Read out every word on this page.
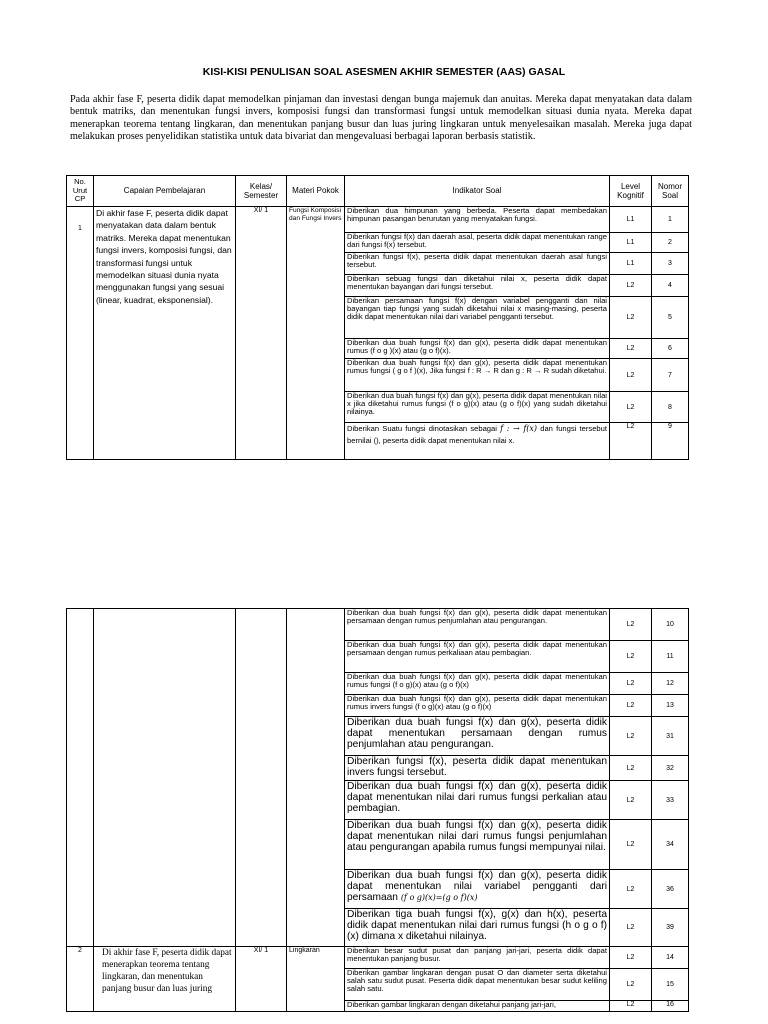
KISI-KISI PENULISAN SOAL ASESMEN AKHIR SEMESTER (AAS) GASAL
Pada akhir fase F, peserta didik dapat memodelkan pinjaman dan investasi dengan bunga majemuk dan anuitas. Mereka dapat menyatakan data dalam bentuk matriks, dan menentukan fungsi invers, komposisi fungsi dan transformasi fungsi untuk memodelkan situasi dunia nyata. Mereka dapat menerapkan teorema tentang lingkaran, dan menentukan panjang busur dan luas juring lingkaran untuk menyelesaikan masalah. Mereka juga dapat melakukan proses penyelidikan statistika untuk data bivariat dan mengevaluasi berbagai laporan berbasis statistik.
No. Urut CP	Capaian Pembelajaran	Kelas/ Semester	Materi Pokok	Indikator Soal	Level Kognitif	Nomor Soal

1	Di akhir fase F, peserta didik dapat menyatakan data dalam bentuk matriks. Mereka dapat menentukan fungsi invers, komposisi fungsi, dan transformasi fungsi untuk memodelkan situasi dunia nyata menggunakan fungsi yang sesuai (linear, kuadrat, eksponensial).	XI/ 1	Fungsi Komposisi dan Fungsi Invers	Diberikan dua himpunan yang berbeda. Peserta dapat membedakan himpunan pasangan berurutan yang menyatakan fungsi.	L1	1
				Diberikan fungsi f(x) dan daerah asal, peserta didik dapat menentukan range dari fungsi f(x) tersebut.	L1	2
				Diberikan fungsi f(x), peserta didik dapat menentukan daerah asal fungsi tersebut.	L1	3
				Diberikan sebuag fungsi dan diketahui nilai x, peserta didik dapat menentukan bayangan dari fungsi tersebut.	L2	4
				Diberikan persamaan fungsi f(x) dengan variabel pengganti dan nilai bayangan tiap fungsi yang sudah diketahui nilai x masing-masing, peserta didik dapat menentukan nilai dari variabel pengganti tersebut.	L2	5
				Diberikan dua buah fungsi f(x) dan g(x), peserta didik dapat menentukan rumus (f o g )(x) atau (g o f)(x).	L2	6
				Diberikan dua buah fungsi f(x) dan g(x), peserta didik dapat menentukan rumus fungsi ( g o f )(x), Jika fungsi f : R → R dan g : R → R sudah diketahui.	L2	7
				Diberikan dua buah fungsi f(x) dan g(x), peserta didik dapat menentukan nilai x jika diketahui rumus fungsi (f o g)(x) atau (g o f)(x) yang sudah diketahui nilainya.	L2	8
				Diberikan Suatu fungsi dinotasikan sebagai f : → f(x) dan fungsi tersebut bernilai (), peserta didik dapat menentukan nilai x.	L2	9
				Diberikan dua buah fungsi f(x) dan g(x), peserta didik dapat menentukan persamaan dengan rumus penjumlahan atau pengurangan.	L2	10
				Diberikan dua buah fungsi f(x) dan g(x), peserta didik dapat menentukan persamaan dengan rumus perkaliaan atau pembagian.	L2	11
				Diberikan dua buah fungsi f(x) dan g(x), peserta didik dapat menentukan rumus fungsi (f o g)(x) atau (g o f)(x)	L2	12
				Diberikan dua buah fungsi f(x) dan g(x), peserta didik dapat menentukan rumus invers fungsi (f o g)(x) atau (g o f)(x)	L2	13
				Diberikan dua buah fungsi f(x) dan g(x), peserta didik dapat menentukan persamaan dengan rumus penjumlahan atau pengurangan.	L2	31
				Diberikan fungsi f(x), peserta didik dapat menentukan invers fungsi tersebut.	L2	32
				Diberikan dua buah fungsi f(x) dan g(x), peserta didik dapat menentukan nilai dari rumus fungsi perkalian atau pembagian.	L2	33
				Diberikan dua buah fungsi f(x) dan g(x), peserta didik dapat menentukan nilai dari rumus fungsi penjumlahan atau pengurangan apabila rumus fungsi mempunyai nilai.	L2	34
				Diberikan dua buah fungsi f(x) dan g(x), peserta didik dapat menentukan nilai variabel pengganti dari persamaan (f o g)(x)=(g o f)(x)	L2	36
				Diberikan tiga buah fungsi f(x), g(x) dan h(x), peserta didik dapat menentukan nilai dari rumus fungsi (h o g o f)(x) dimana x diketahui nilainya.	L2	39
2	Di akhir fase F, peserta didik dapat menerapkan teorema tentang lingkaran, dan menentukan panjang busur dan luas juring	XI/ 1	Lingkaran	Diberikan besar sudut pusat dan panjang jari-jari, peserta didik dapat menentukan panjang busur.	L2	14
				Diberikan gambar lingkaran dengan pusat O dan diameter serta diketahui salah satu sudut pusat. Peserta didik dapat menentukan besar sudut keliling salah satu.	L2	15
				Diberikan gambar lingkaran dengan diketahui panjang jari-jari,	L2	16
